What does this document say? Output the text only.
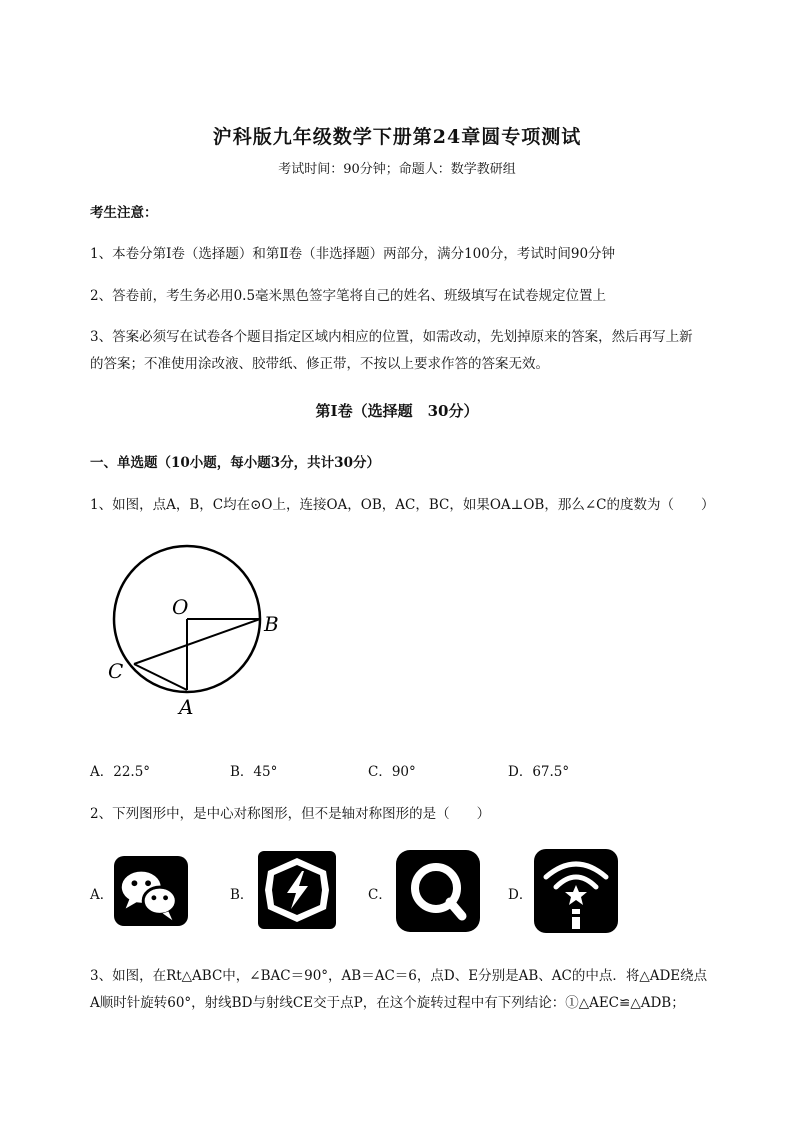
沪科版九年级数学下册第24章圆专项测试
考试时间：90分钟；命题人：数学教研组
考生注意：
1、本卷分第I卷（选择题）和第Ⅱ卷（非选择题）两部分，满分100分，考试时间90分钟
2、答卷前，考生务必用0.5毫米黑色签字笔将自己的姓名、班级填写在试卷规定位置上
3、答案必须写在试卷各个题目指定区域内相应的位置，如需改动，先划掉原来的答案，然后再写上新
的答案；不准使用涂改液、胶带纸、修正带，不按以上要求作答的答案无效。
第I卷（选择题　30分）
一、单选题（10小题，每小题3分，共计30分）
1、如图，点A，B，C均在⊙O上，连接OA，OB，AC，BC，如果OA⊥OB，那么∠C的度数为（　　）
O
B
C
A
A．22.5°	B．45°	C．90°	D．67.5°
2、下列图形中，是中心对称图形，但不是轴对称图形的是（　　）
A．	B．	C．	D．
3、如图，在Rt△ABC中，∠BAC＝90°，AB＝AC＝6，点D、E分别是AB、AC的中点．将△ADE绕点
A顺时针旋转60°，射线BD与射线CE交于点P，在这个旋转过程中有下列结论：①△AEC≌△ADB；
